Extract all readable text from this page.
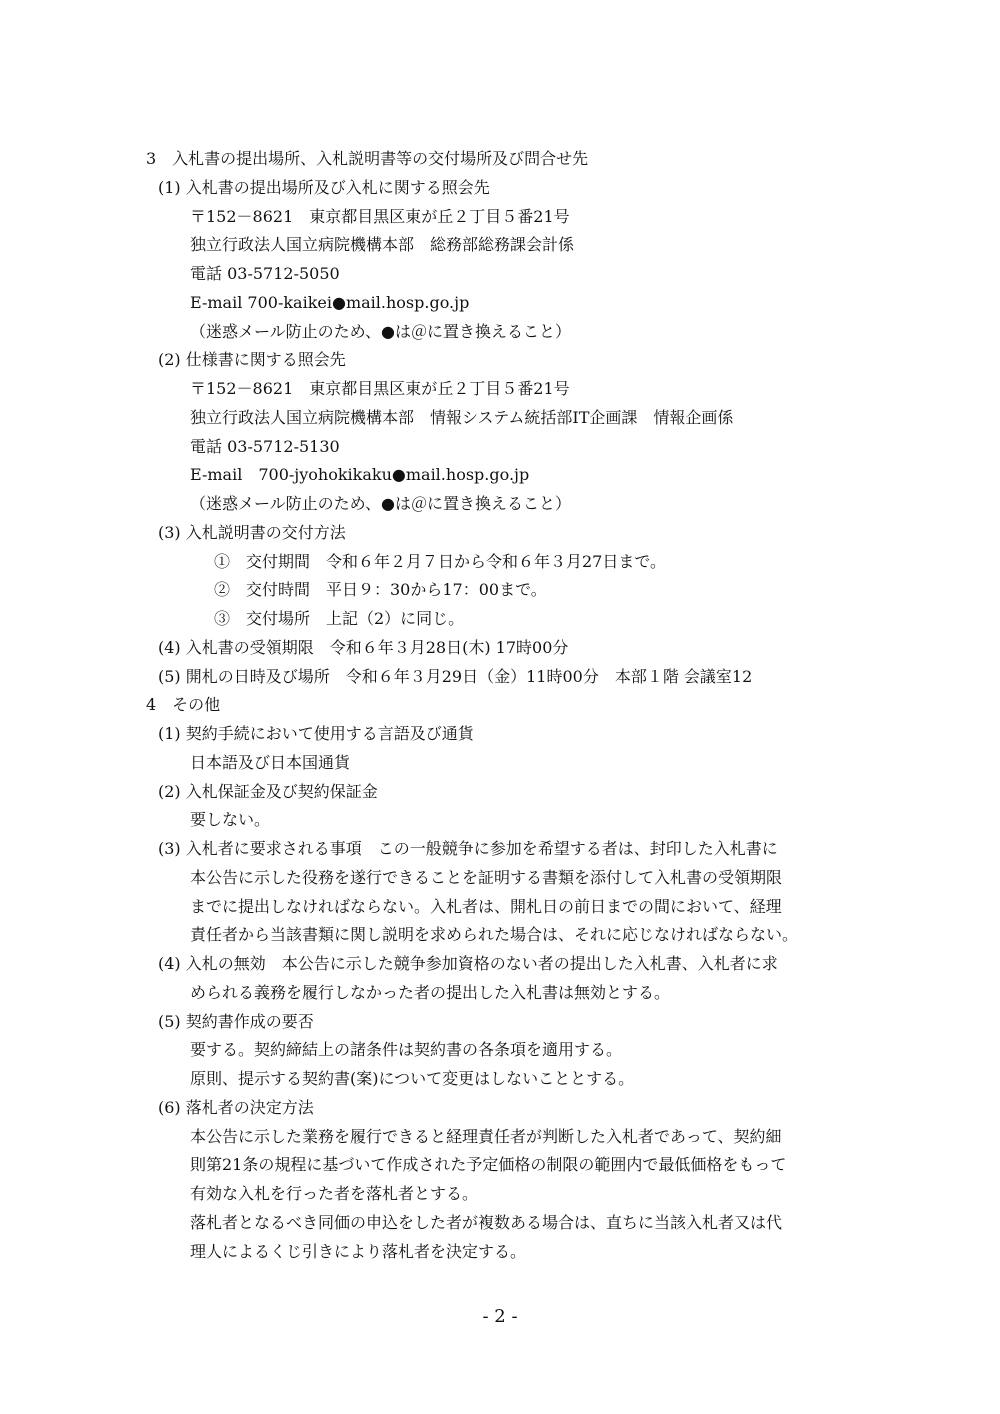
3　入札書の提出場所、入札説明書等の交付場所及び問合せ先
(1) 入札書の提出場所及び入札に関する照会先
〒152－8621　東京都目黒区東が丘２丁目５番21号
独立行政法人国立病院機構本部　総務部総務課会計係
電話 03-5712-5050
E-mail 700-kaikei●mail.hosp.go.jp
（迷惑メール防止のため、●は＠に置き換えること）
(2) 仕様書に関する照会先
〒152－8621　東京都目黒区東が丘２丁目５番21号
独立行政法人国立病院機構本部　情報システム統括部IT企画課　情報企画係
電話 03-5712-5130
E-mail　700-jyohokikaku●mail.hosp.go.jp
（迷惑メール防止のため、●は＠に置き換えること）
(3) 入札説明書の交付方法
①　交付期間　令和６年２月７日から令和６年３月27日まで。
②　交付時間　平日９：30から17：00まで。
③　交付場所　上記（2）に同じ。
(4) 入札書の受領期限　令和６年３月28日(木) 17時00分
(5) 開札の日時及び場所　令和６年３月29日（金）11時00分　本部１階 会議室12
4　その他
(1) 契約手続において使用する言語及び通貨
日本語及び日本国通貨
(2) 入札保証金及び契約保証金
要しない。
(3) 入札者に要求される事項　この一般競争に参加を希望する者は、封印した入札書に
本公告に示した役務を遂行できることを証明する書類を添付して入札書の受領期限
までに提出しなければならない。入札者は、開札日の前日までの間において、経理
責任者から当該書類に関し説明を求められた場合は、それに応じなければならない。
(4) 入札の無効　本公告に示した競争参加資格のない者の提出した入札書、入札者に求
められる義務を履行しなかった者の提出した入札書は無効とする。
(5) 契約書作成の要否
要する。契約締結上の諸条件は契約書の各条項を適用する。
原則、提示する契約書(案)について変更はしないこととする。
(6) 落札者の決定方法
本公告に示した業務を履行できると経理責任者が判断した入札者であって、契約細
則第21条の規程に基づいて作成された予定価格の制限の範囲内で最低価格をもって
有効な入札を行った者を落札者とする。
落札者となるべき同価の申込をした者が複数ある場合は、直ちに当該入札者又は代
理人によるくじ引きにより落札者を決定する。
- 2 -
